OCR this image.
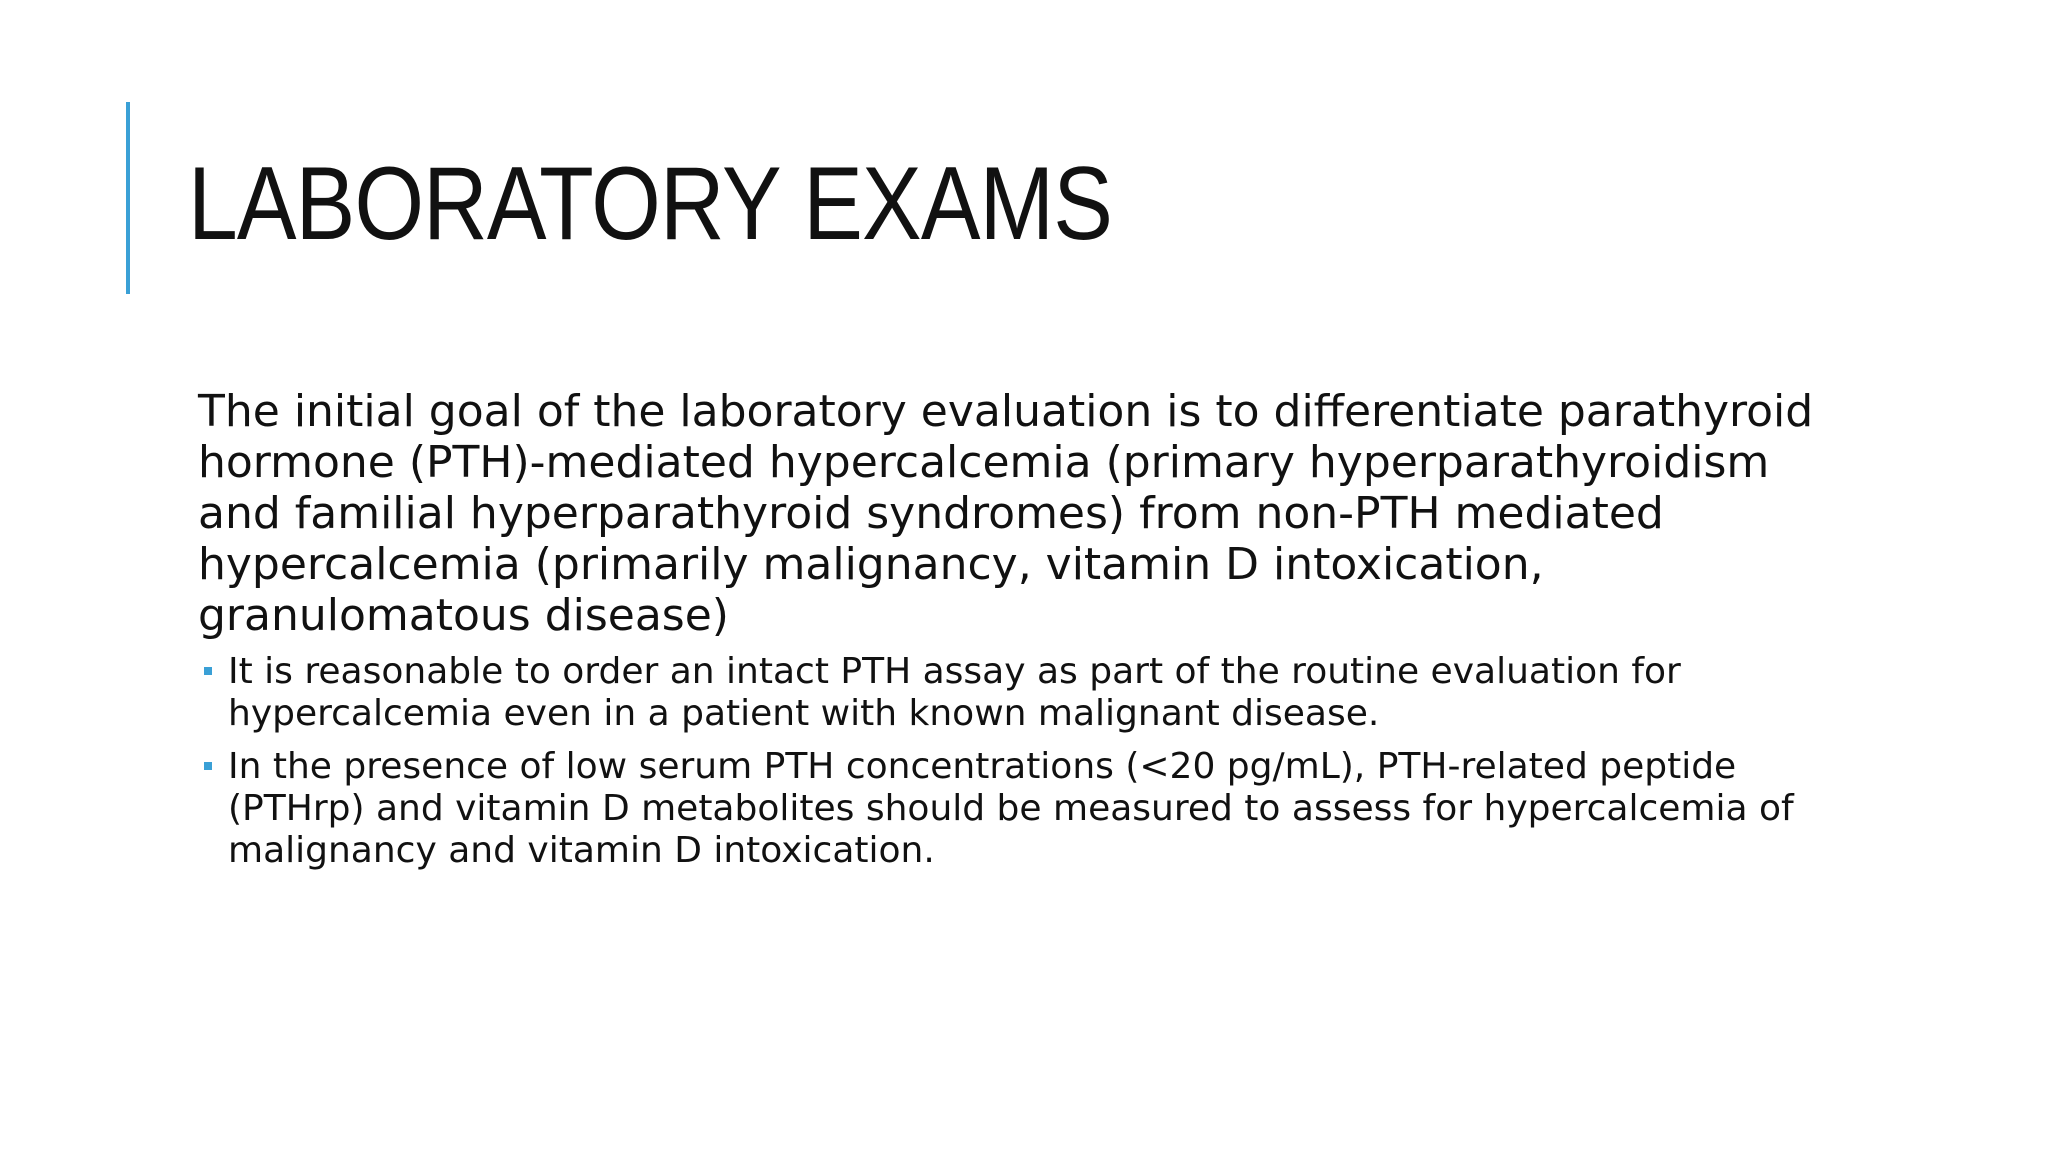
LABORATORY EXAMS

The initial goal of the laboratory evaluation is to differentiate parathyroid hormone (PTH)-mediated hypercalcemia (primary hyperparathyroidism and familial hyperparathyroid syndromes) from non-PTH mediated hypercalcemia (primarily malignancy, vitamin D intoxication, granulomatous disease)

It is reasonable to order an intact PTH assay as part of the routine evaluation for hypercalcemia even in a patient with known malignant disease.
In the presence of low serum PTH concentrations (<20 pg/mL), PTH-related peptide (PTHrp) and vitamin D metabolites should be measured to assess for hypercalcemia of malignancy and vitamin D intoxication.
